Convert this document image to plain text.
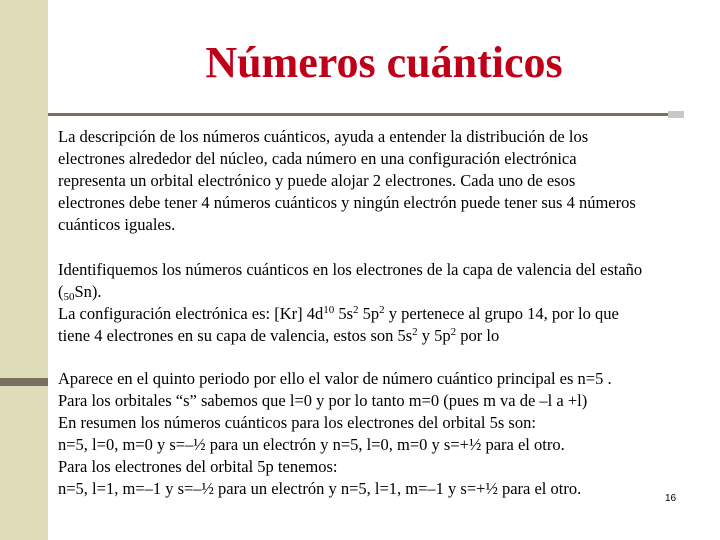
Números cuánticos
La descripción de los números cuánticos, ayuda a entender la distribución de los
electrones alrededor del núcleo, cada número en una configuración electrónica
representa un orbital electrónico y puede alojar 2 electrones. Cada uno de esos
electrones debe tener 4 números cuánticos y ningún electrón puede tener sus 4 números
cuánticos iguales.
Identifiquemos los números cuánticos en los electrones de la capa de valencia del estaño
$(_{50}Sn)$.
La configuración electrónica es: [Kr] $4d^{10}$ $5s^2$ $5p^2$ y pertenece al grupo 14, por lo que
tiene 4 electrones en su capa de valencia, estos son $5s^2$ y $5p^2$ por lo
Aparece en el quinto periodo por ello el valor de número cuántico principal es n=5 .
Para los orbitales “s” sabemos que l=0 y por lo tanto m=0 (pues m va de –l a +l)
En resumen los números cuánticos para los electrones del orbital 5s son:
n=5, l=0, m=0 y s=–½ para un electrón y n=5, l=0, m=0 y s=+½ para el otro.
Para los electrones del orbital 5p tenemos:
n=5, l=1, m=–1 y s=–½ para un electrón y n=5, l=1, m=–1 y s=+½ para el otro.
16
